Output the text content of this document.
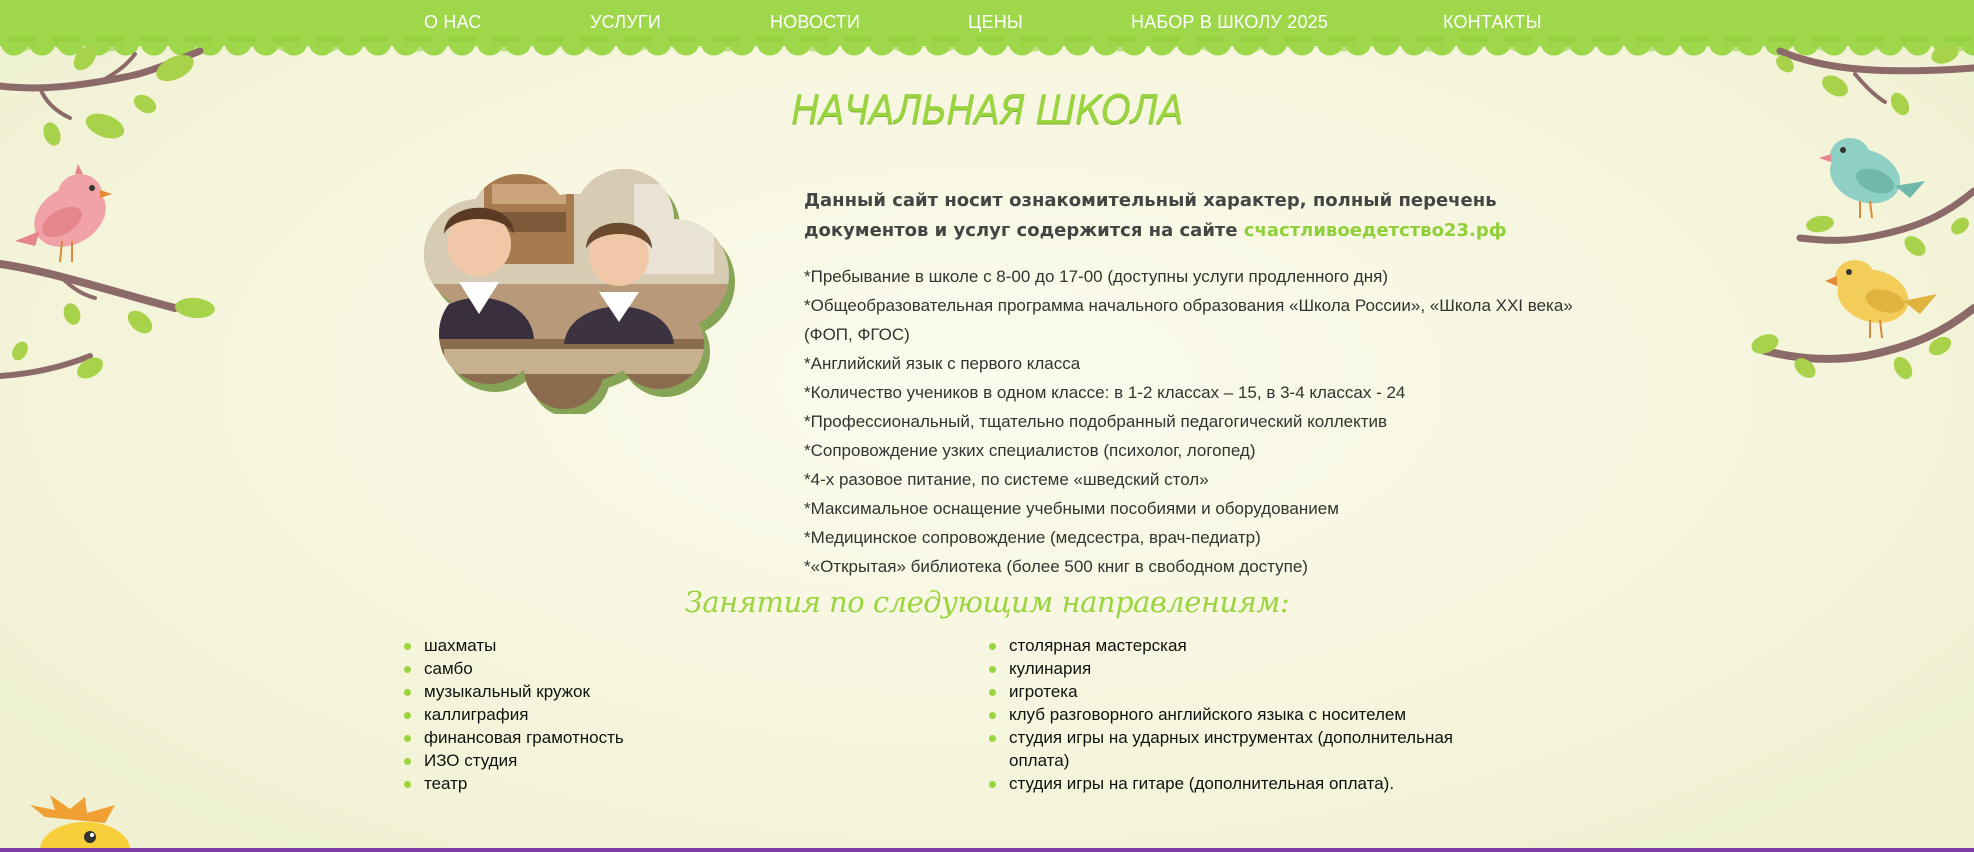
О НАС	УСЛУГИ	НОВОСТИ	ЦЕНЫ	НАБОР В ШКОЛУ 2025	КОНТАКТЫ
НАЧАЛЬНАЯ ШКОЛА
Данный сайт носит ознакомительный характер, полный перечень документов и услуг содержится на сайте счастливоедетство23.рф
*Пребывание в школе с 8-00 до 17-00 (доступны услуги продленного дня)
*Общеобразовательная программа начального образования «Школа России», «Школа XXI века» (ФОП, ФГОС)
*Английский язык с первого класса
*Количество учеников в одном классе: в 1-2 классах – 15, в 3-4 классах - 24
*Профессиональный, тщательно подобранный педагогический коллектив
*Сопровождение узких специалистов (психолог, логопед)
*4-х разовое питание, по системе «шведский стол»
*Максимальное оснащение учебными пособиями и оборудованием
*Медицинское сопровождение (медсестра, врач-педиатр)
*«Открытая» библиотека (более 500 книг в свободном доступе)
Занятия по следующим направлениям:
шахматы
самбо
музыкальный кружок
каллиграфия
финансовая грамотность
ИЗО студия
театр
столярная мастерская
кулинария
игротека
клуб разговорного английского языка с носителем
студия игры на ударных инструментах (дополнительная оплата)
студия игры на гитаре (дополнительная оплата).
